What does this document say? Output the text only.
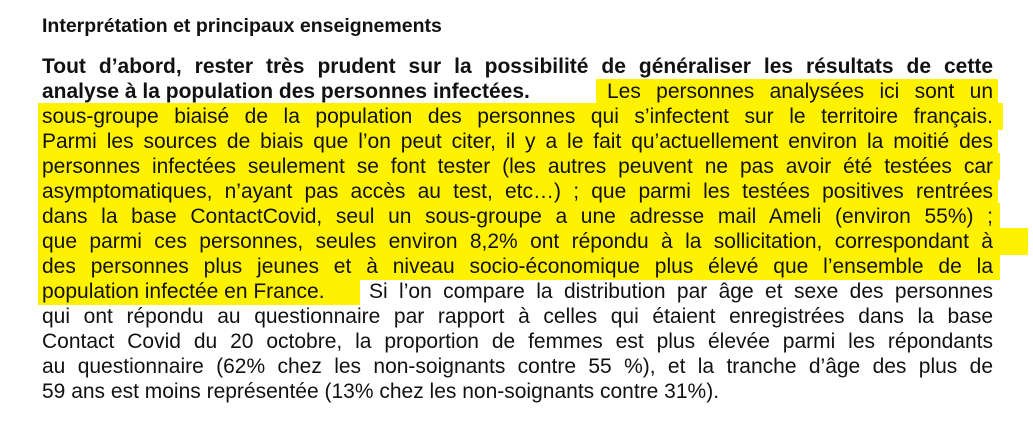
Interprétation et principaux enseignements
Tout d’abord, rester très prudent sur la possibilité de généraliser les résultats de cette
analyse à la population des personnes infectées.	Les personnes analysées ici sont un
sous-groupe biaisé de la population des personnes qui s’infectent sur le territoire français.
Parmi les sources de biais que l’on peut citer, il y a le fait qu’actuellement environ la moitié des
personnes infectées seulement se font tester (les autres peuvent ne pas avoir été testées car
asymptomatiques, n’ayant pas accès au test, etc…) ; que parmi les testées positives rentrées
dans la base ContactCovid, seul un sous-groupe a une adresse mail Ameli (environ 55%) ;
que parmi ces personnes, seules environ 8,2% ont répondu à la sollicitation, correspondant à
des personnes plus jeunes et à niveau socio-économique plus élevé que l’ensemble de la
population infectée en France. Si l’on compare la distribution par âge et sexe des personnes
qui ont répondu au questionnaire par rapport à celles qui étaient enregistrées dans la base
Contact Covid du 20 octobre, la proportion de femmes est plus élevée parmi les répondants
au questionnaire (62% chez les non-soignants contre 55 %), et la tranche d’âge des plus de
59 ans est moins représentée (13% chez les non-soignants contre 31%).
